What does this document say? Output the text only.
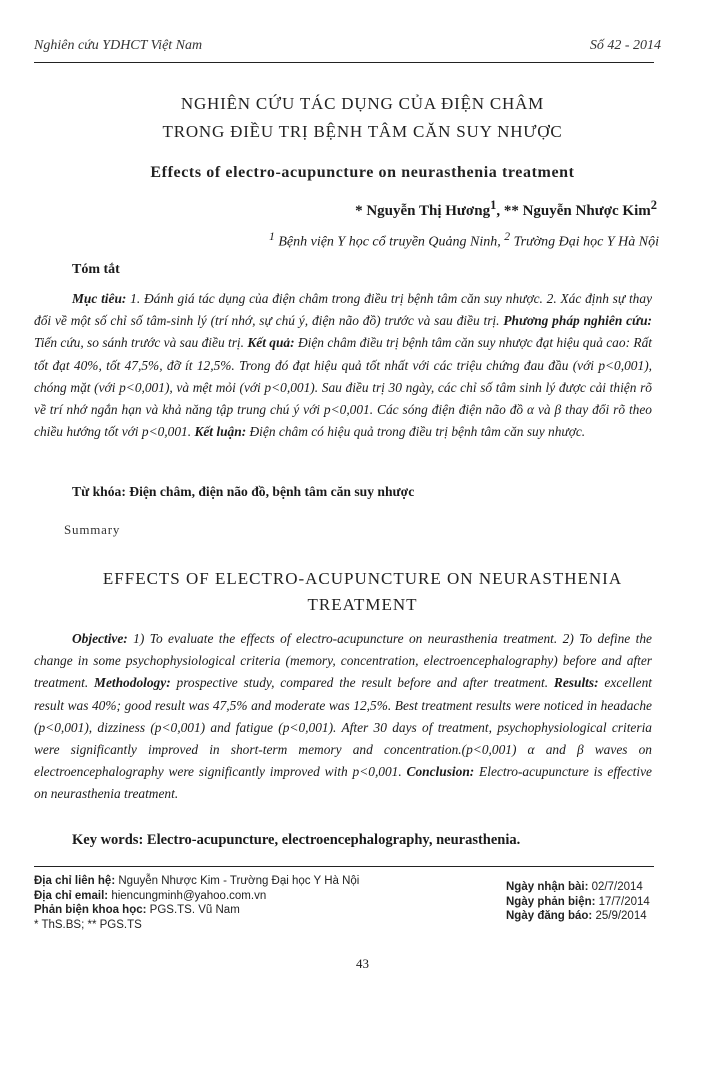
Nghiên cứu YDHCT Việt Nam	Số 42 - 2014
NGHIÊN CỨU TÁC DỤNG CỦA ĐIỆN CHÂM
TRONG ĐIỀU TRỊ BỆNH TÂM CĂN SUY NHƯỢC
Effects of electro-acupuncture on neurasthenia treatment
* Nguyễn Thị Hương$^1$, ** Nguyễn Nhược Kim$^2$
$^1$ Bệnh viện Y học cổ truyền Quảng Ninh, $^2$ Trường Đại học Y Hà Nội
Tóm tắt
Mục tiêu: 1. Đánh giá tác dụng của điện châm trong điều trị bệnh tâm căn suy nhược. 2. Xác định sự thay đổi về một số chỉ số tâm-sinh lý (trí nhớ, sự chú ý, điện não đồ) trước và sau điều trị. Phương pháp nghiên cứu: Tiến cứu, so sánh trước và sau điều trị. Kết quả: Điện châm điều trị bệnh tâm căn suy nhược đạt hiệu quả cao: Rất tốt đạt 40%, tốt 47,5%, đỡ ít 12,5%. Trong đó đạt hiệu quả tốt nhất với các triệu chứng đau đầu (với p<0,001), chóng mặt (với p<0,001), và mệt mỏi (với p<0,001). Sau điều trị 30 ngày, các chỉ số tâm sinh lý được cải thiện rõ về trí nhớ ngắn hạn và khả năng tập trung chú ý với p<0,001. Các sóng điện điện não đồ α và β thay đổi rõ theo chiều hướng tốt với p<0,001. Kết luận: Điện châm có hiệu quả trong điều trị bệnh tâm căn suy nhược.
Từ khóa: Điện châm, điện não đồ, bệnh tâm căn suy nhược
Summary
EFFECTS OF ELECTRO-ACUPUNCTURE ON NEURASTHENIA
TREATMENT
Objective: 1) To evaluate the effects of electro-acupuncture on neurasthenia treatment. 2) To define the change in some psychophysiological criteria (memory, concentration, electroencephalography) before and after treatment. Methodology: prospective study, compared the result before and after treatment. Results: excellent result was 40%; good result was 47,5% and moderate was 12,5%. Best treatment results were noticed in headache (p<0,001), dizziness (p<0,001) and fatigue (p<0,001). After 30 days of treatment, psychophysiological criteria were significantly improved in short-term memory and concentration.(p<0,001) α and β waves on electroencephalography were significantly improved with p<0,001. Conclusion: Electro-acupuncture is effective on neurasthenia treatment.
Key words: Electro-acupuncture, electroencephalography, neurasthenia.
Địa chỉ liên hệ: Nguyễn Nhược Kim - Trường Đại học Y Hà Nội
Địa chỉ email: hiencungminh@yahoo.com.vn
Phản biện khoa học: PGS.TS. Vũ Nam
* ThS.BS; ** PGS.TS
Ngày nhận bài: 02/7/2014
Ngày phản biện: 17/7/2014
Ngày đăng báo: 25/9/2014
43
